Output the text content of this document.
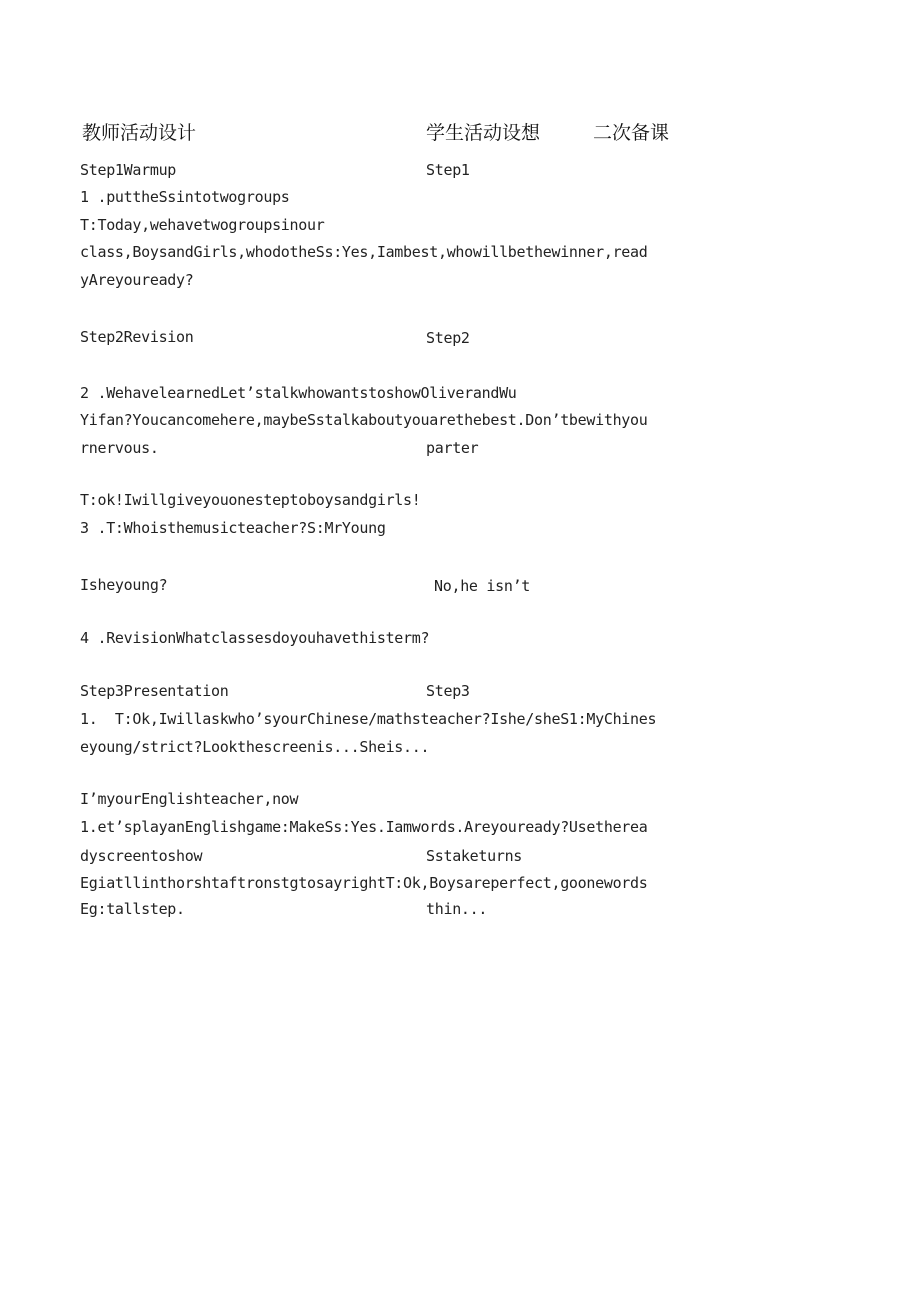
教师活动设计	学生活动设想	二次备课
Step1Warmup	Step1
1 .puttheSsintotwogroups
T:Today,wehavetwogroupsinour
class,BoysandGirls,whodotheSs:Yes,Iambest,whowillbethewinner,read
yAreyouready?
Step2Revision	Step2
2 .WehavelearnedLet’stalkwhowantstoshowOliverandWu
Yifan?Youcancomehere,maybeSstalkaboutyouarethebest.Don’tbewithyou
rnervous.	parter
T:ok!Iwillgiveyouonesteptoboysandgirls!
3 .T:Whoisthemusicteacher?S:MrYoung
Isheyoung?	No,he isn’t
4 .RevisionWhatclassesdoyouhavethisterm?
Step3Presentation	Step3
1.  T:Ok,Iwillaskwho’syourChinese/mathsteacher?Ishe/sheS1:MyChines
eyoung/strict?Lookthescreenis...Sheis...
I’myourEnglishteacher,now
1.et’splayanEnglishgame:MakeSs:Yes.Iamwords.Areyouready?Usetherea
dyscreentoshow	Sstaketurns
EgiatllinthorshtaftronstgtosayrightT:Ok,Boysareperfect,goonewords
Eg:tallstep.	thin...
